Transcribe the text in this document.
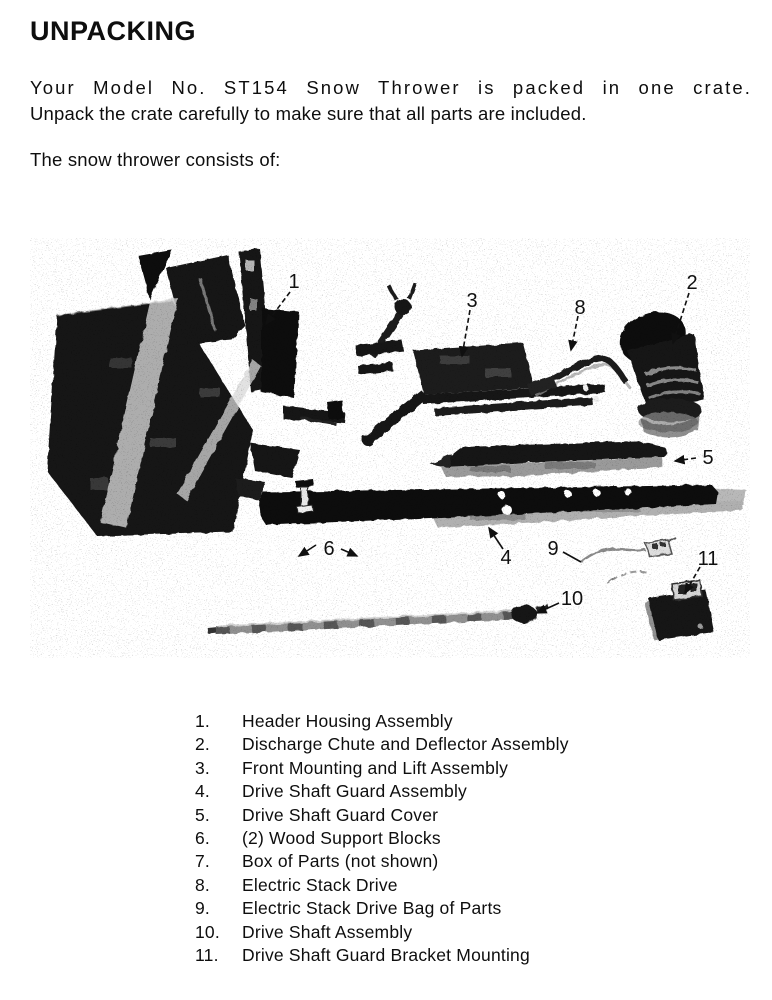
UNPACKING
Your Model No. ST154 Snow Thrower is packed in one crate.
Unpack the crate carefully to make sure that all parts are included.
The snow thrower consists of:
1	2
3	8
5
4
6	9
10
11
1.	Header Housing Assembly
2.	Discharge Chute and Deflector Assembly
3.	Front Mounting and Lift Assembly
4.	Drive Shaft Guard Assembly
5.	Drive Shaft Guard Cover
6.	(2) Wood Support Blocks
7.	Box of Parts (not shown)
8.	Electric Stack Drive
9.	Electric Stack Drive Bag of Parts
10.	Drive Shaft Assembly
11.	Drive Shaft Guard Bracket Mounting
